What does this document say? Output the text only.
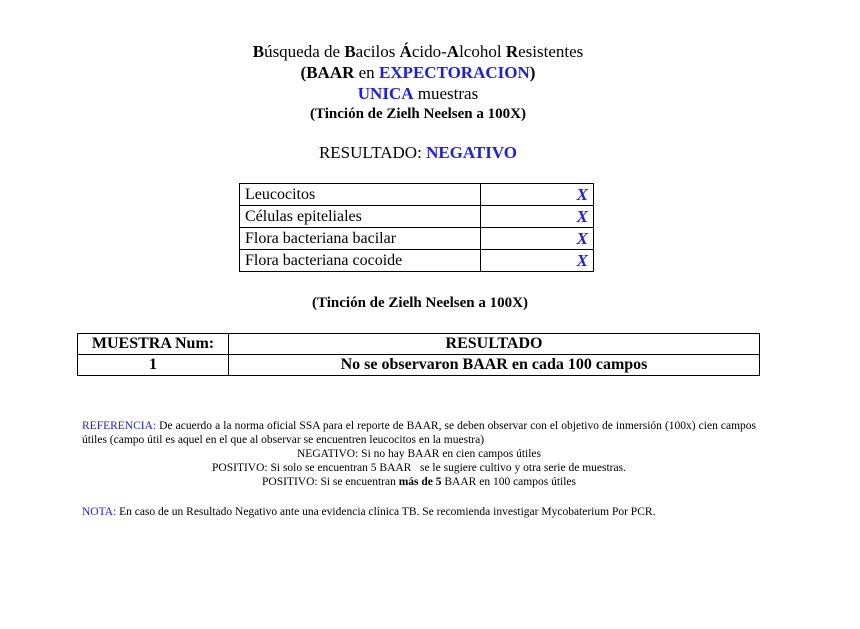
Búsqueda de Bacilos Ácido-Alcohol Resistentes
(BAAR en EXPECTORACION)
UNICA muestras
(Tinción de Zielh Neelsen a 100X)
RESULTADO: NEGATIVO
Leucocitos	X
Células epiteliales	X
Flora bacteriana bacilar	X
Flora bacteriana cocoide	X
(Tinción de Zielh Neelsen a 100X)
MUESTRA Num:	RESULTADO
1	No se observaron BAAR en cada 100 campos
REFERENCIA: De acuerdo a la norma oficial SSA para el reporte de BAAR, se deben observar con el objetivo de inmersión (100x) cien campos útiles (campo útil es aquel en el que al observar se encuentren leucocitos en la muestra)
NEGATIVO: Si no hay BAAR en cien campos útiles
POSITIVO: Si solo se encuentran 5 BAAR   se le sugiere cultivo y otra serie de muestras.
POSITIVO: Si se encuentran más de 5 BAAR en 100 campos útiles
NOTA: En caso de un Resultado Negativo ante una evidencia clínica TB. Se recomienda investigar Mycobaterium Por PCR.
